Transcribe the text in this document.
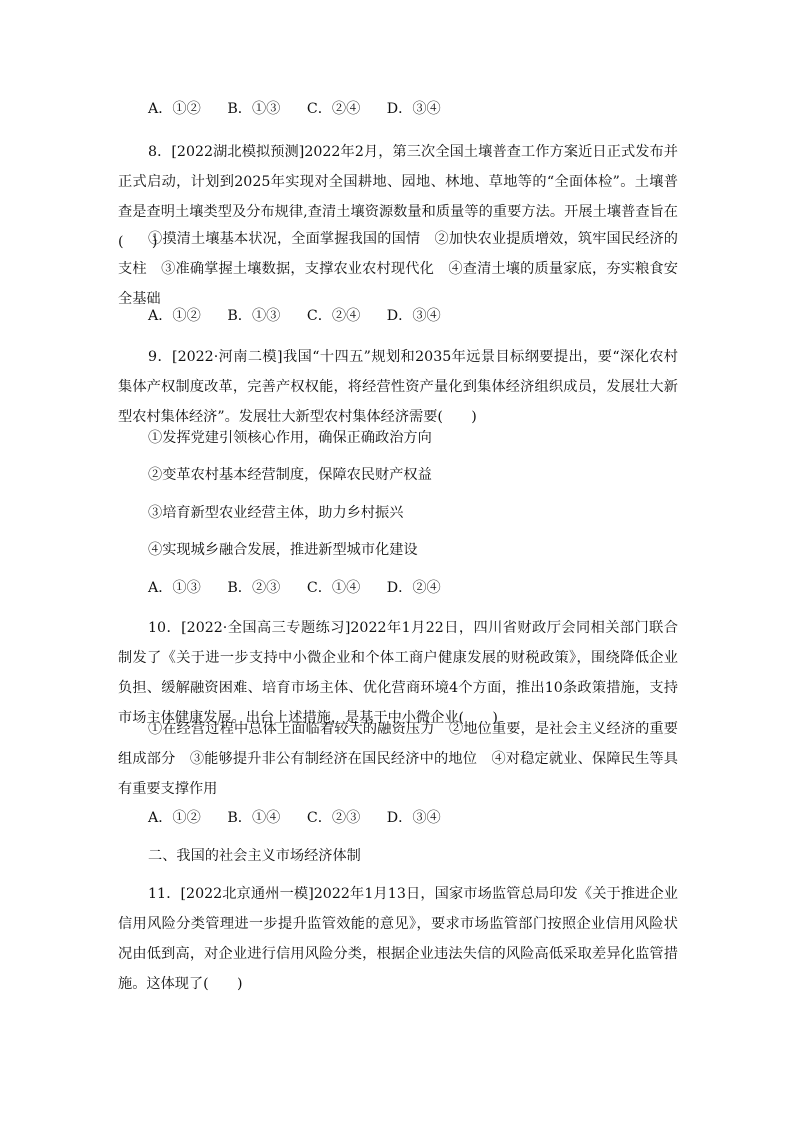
A．①② B．①③ C．②④ D．③④

8．[2022湖北模拟预测]2022年2月，第三次全国土壤普查工作方案近日正式发布并正式启动，计划到2025年实现对全国耕地、园地、林地、草地等的“全面体检”。土壤普查是查明土壤类型及分布规律,查清土壤资源数量和质量等的重要方法。开展土壤普查旨在(　　)

①摸清土壤基本状况，全面掌握我国的国情　②加快农业提质增效，筑牢国民经济的支柱　③准确掌握土壤数据，支撑农业农村现代化　④查清土壤的质量家底，夯实粮食安全基础

A．①② B．①③ C．②④ D．③④

9．[2022·河南二模]我国“十四五”规划和2035年远景目标纲要提出，要“深化农村集体产权制度改革，完善产权权能，将经营性资产量化到集体经济组织成员，发展壮大新型农村集体经济”。发展壮大新型农村集体经济需要(　　)

①发挥党建引领核心作用，确保正确政治方向
②变革农村基本经营制度，保障农民财产权益
③培育新型农业经营主体，助力乡村振兴
④实现城乡融合发展，推进新型城市化建设
A．①③ B．②③ C．①④ D．②④

10．[2022·全国高三专题练习]2022年1月22日，四川省财政厅会同相关部门联合制发了《关于进一步支持中小微企业和个体工商户健康发展的财税政策》，围绕降低企业负担、缓解融资困难、培育市场主体、优化营商环境4个方面，推出10条政策措施，支持市场主体健康发展。出台上述措施，是基于中小微企业(　　)

①在经营过程中总体上面临着较大的融资压力　②地位重要，是社会主义经济的重要组成部分　③能够提升非公有制经济在国民经济中的地位　④对稳定就业、保障民生等具有重要支撑作用

A．①② B．①④ C．②③ D．③④
二、我国的社会主义市场经济体制

11．[2022北京通州一模]2022年1月13日，国家市场监管总局印发《关于推进企业信用风险分类管理进一步提升监管效能的意见》，要求市场监管部门按照企业信用风险状况由低到高，对企业进行信用风险分类，根据企业违法失信的风险高低采取差异化监管措施。这体现了(　　)
